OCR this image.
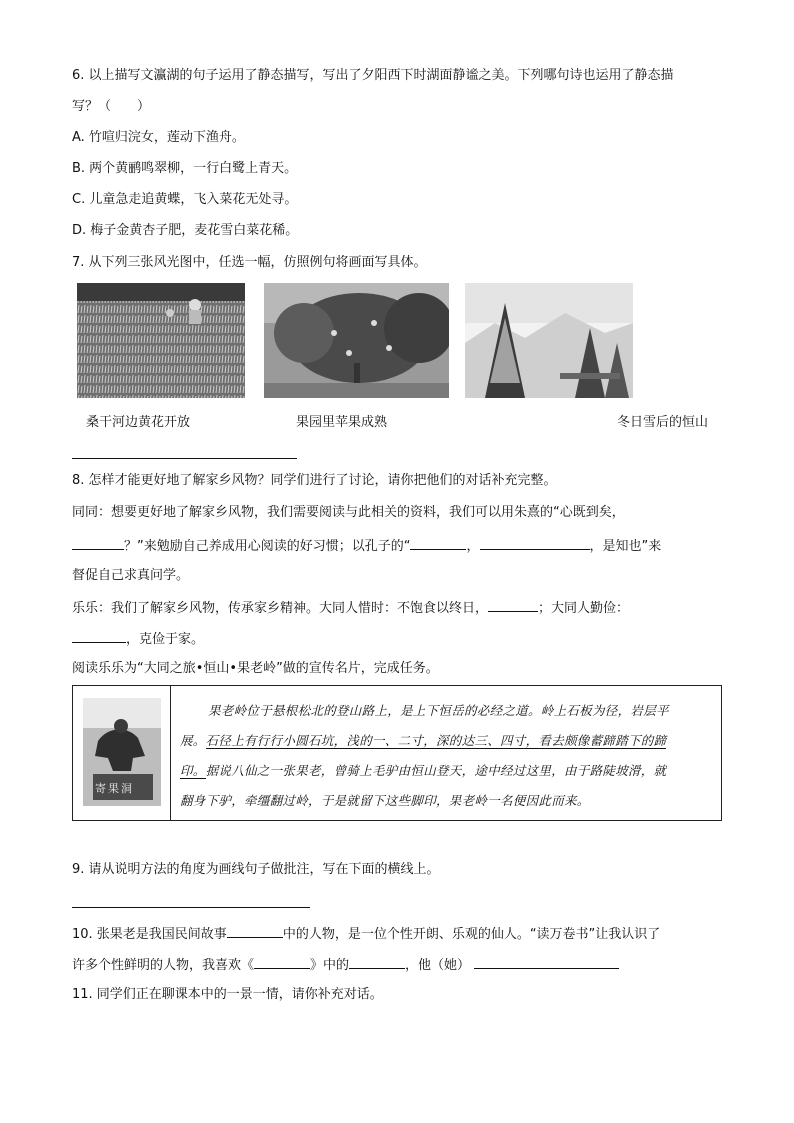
6. 以上描写文瀛湖的句子运用了静态描写，写出了夕阳西下时湖面静谧之美。下列哪句诗也运用了静态描
写？（　　）
A. 竹喧归浣女，莲动下渔舟。
B. 两个黄鹂鸣翠柳，一行白鹭上青天。
C. 儿童急走追黄蝶，飞入菜花无处寻。
D. 梅子金黄杏子肥，麦花雪白菜花稀。
7. 从下列三张风光图中，任选一幅，仿照例句将画面写具体。
桑干河边黄花开放	果园里苹果成熟	冬日雪后的恒山
8. 怎样才能更好地了解家乡风物？同学们进行了讨论，请你把他们的对话补充完整。
同同：想要更好地了解家乡风物，我们需要阅读与此相关的资料，我们可以用朱熹的“心既到矣，
？”来勉励自己养成用心阅读的好习惯；以孔子的“	，	，是知也”来
督促自己求真问学。
乐乐：我们了解家乡风物，传承家乡精神。大同人惜时：不饱食以终日，	；大同人勤俭：
，克俭于家。
阅读乐乐为“大同之旅•恒山•果老岭”做的宣传名片，完成任务。
寄果洞
果老岭位于悬根松北的登山路上，是上下恒岳的必经之道。岭上石板为径，岩层平
展。石径上有行行小圆石坑，浅的一、二寸，深的达三、四寸，看去颇像蓄蹄踏下的蹄
印。据说八仙之一张果老，曾骑上毛驴由恒山登天，途中经过这里，由于路陡坡滑，就
翻身下驴，牵缰翻过岭，于是就留下这些脚印，果老岭一名便因此而来。
9. 请从说明方法的角度为画线句子做批注，写在下面的横线上。
10. 张果老是我国民间故事	中的人物，是一位个性开朗、乐观的仙人。“读万卷书”让我认识了
许多个性鲜明的人物，我喜欢《	》中的	，他（她）
11. 同学们正在聊课本中的一景一情，请你补充对话。
